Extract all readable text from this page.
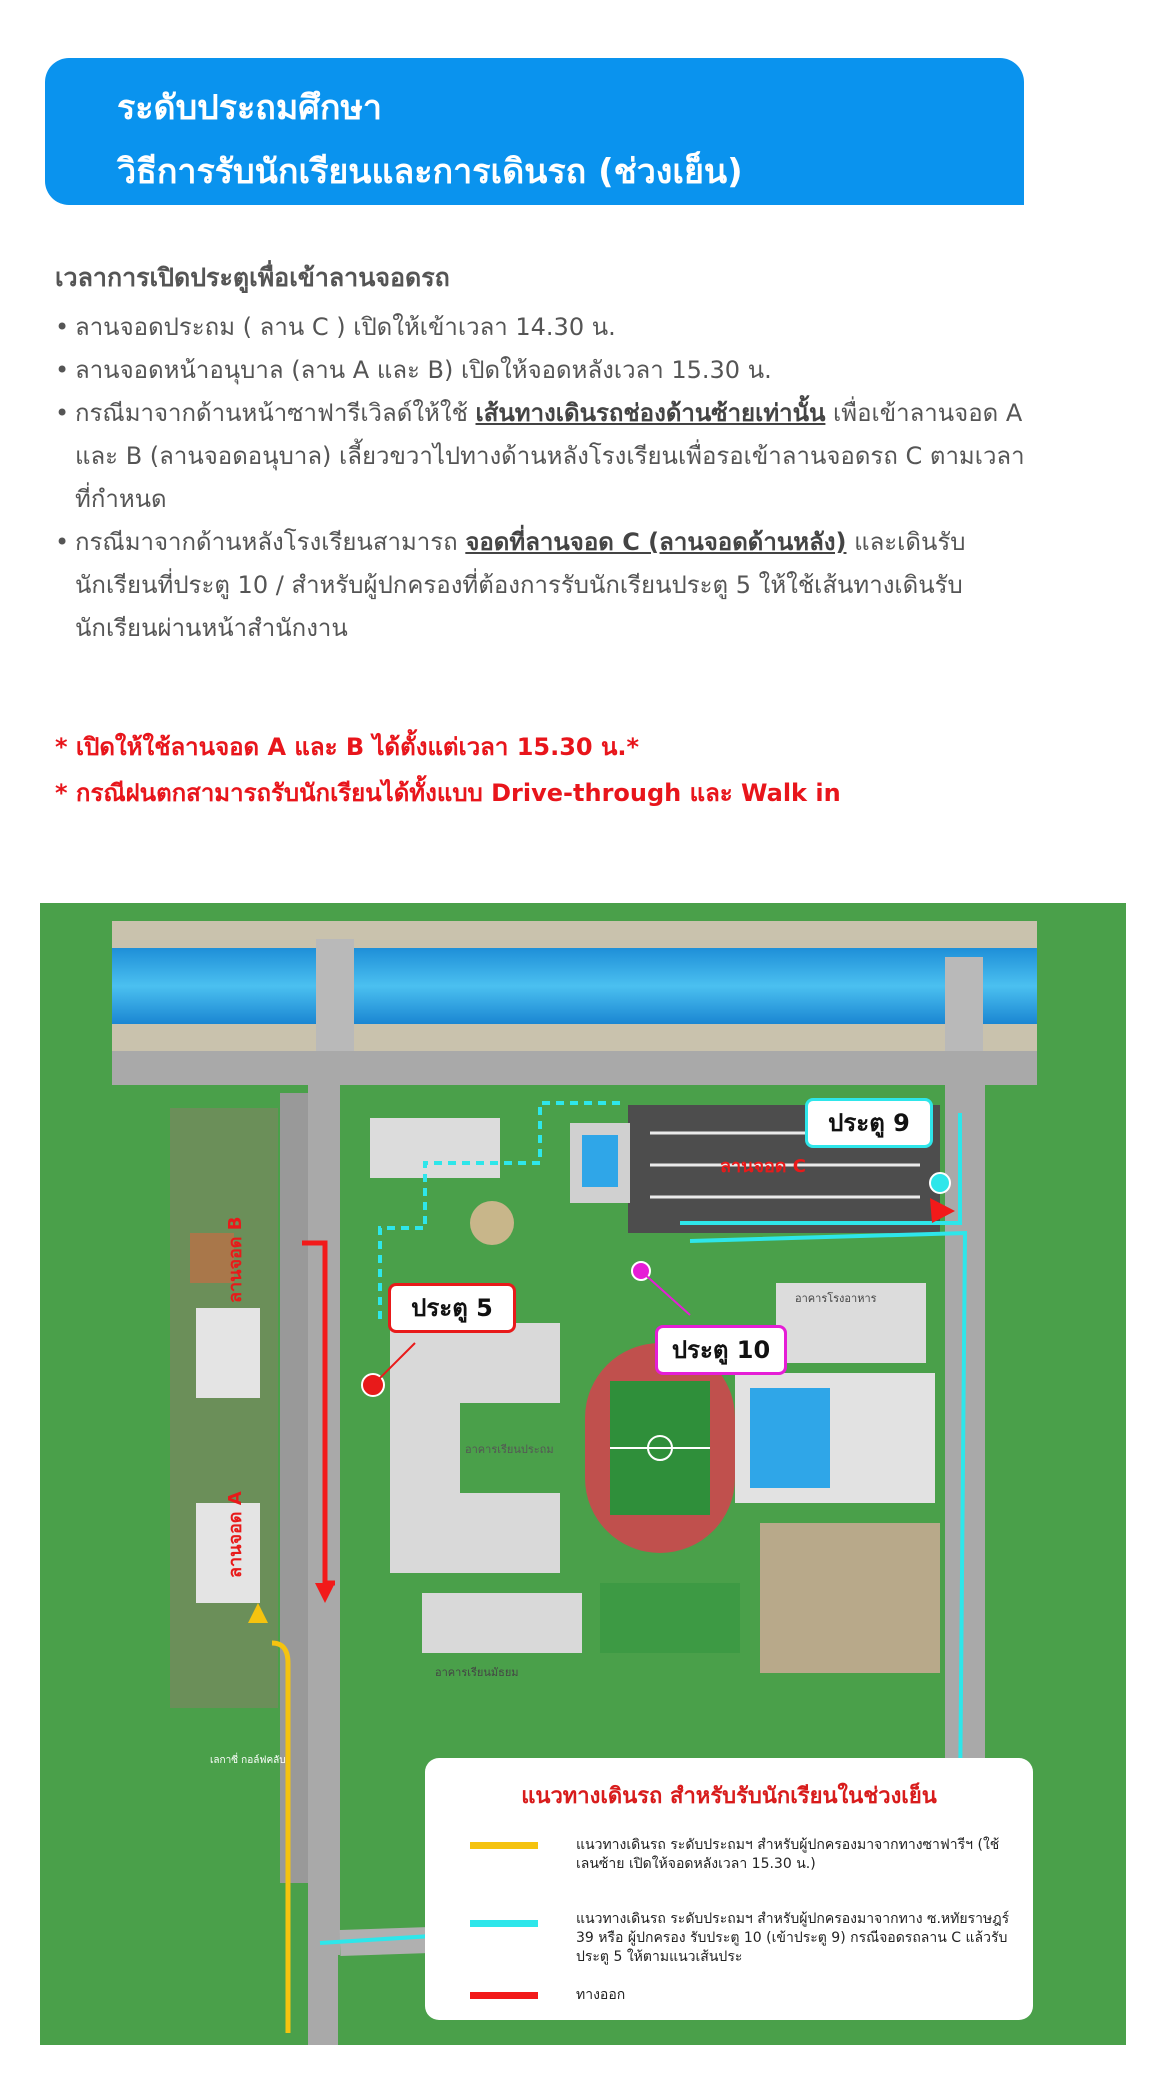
ระดับประถมศึกษา
วิธีการรับนักเรียนและการเดินรถ (ช่วงเย็น)
เวลาการเปิดประตูเพื่อเข้าลานจอดรถ
• ลานจอดประถม ( ลาน C ) เปิดให้เข้าเวลา 14.30 น.
• ลานจอดหน้าอนุบาล (ลาน A และ B) เปิดให้จอดหลังเวลา 15.30 น.
• กรณีมาจากด้านหน้าซาฟารีเวิลด์ให้ใช้ เส้นทางเดินรถช่องด้านซ้ายเท่านั้น เพื่อเข้าลานจอด A และ B (ลานจอดอนุบาล) เลี้ยวขวาไปทางด้านหลังโรงเรียนเพื่อรอเข้าลานจอดรถ C ตามเวลาที่กำหนด
• กรณีมาจากด้านหลังโรงเรียนสามารถ จอดที่ลานจอด C (ลานจอดด้านหลัง) และเดินรับนักเรียนที่ประตู 10 / สำหรับผู้ปกครองที่ต้องการรับนักเรียนประตู 5 ให้ใช้เส้นทางเดินรับนักเรียนผ่านหน้าสำนักงาน
* เปิดให้ใช้ลานจอด A และ B ได้ตั้งแต่เวลา 15.30 น.*
* กรณีฝนตกสามารถรับนักเรียนได้ทั้งแบบ Drive-through และ Walk in
ลานจอด C
อาคารโรงอาหาร
อาคารเรียนประถม
อาคารเรียนมัธยม
เลกาซี่ กอล์ฟคลับ
ลานจอด B
ลานจอด A
ประตู 9
ประตู 5
ประตู 10
แนวทางเดินรถ สำหรับรับนักเรียนในช่วงเย็น
แนวทางเดินรถ ระดับประถมฯ สำหรับผู้ปกครองมาจากทางซาฟารีฯ (ใช้เลนซ้าย เปิดให้จอดหลังเวลา 15.30 น.)
แนวทางเดินรถ ระดับประถมฯ สำหรับผู้ปกครองมาจากทาง ซ.หทัยราษฎร์ 39 หรือ ผู้ปกครอง รับประตู 10 (เข้าประตู 9) กรณีจอดรถลาน C แล้วรับประตู 5 ให้ตามแนวเส้นประ
ทางออก
